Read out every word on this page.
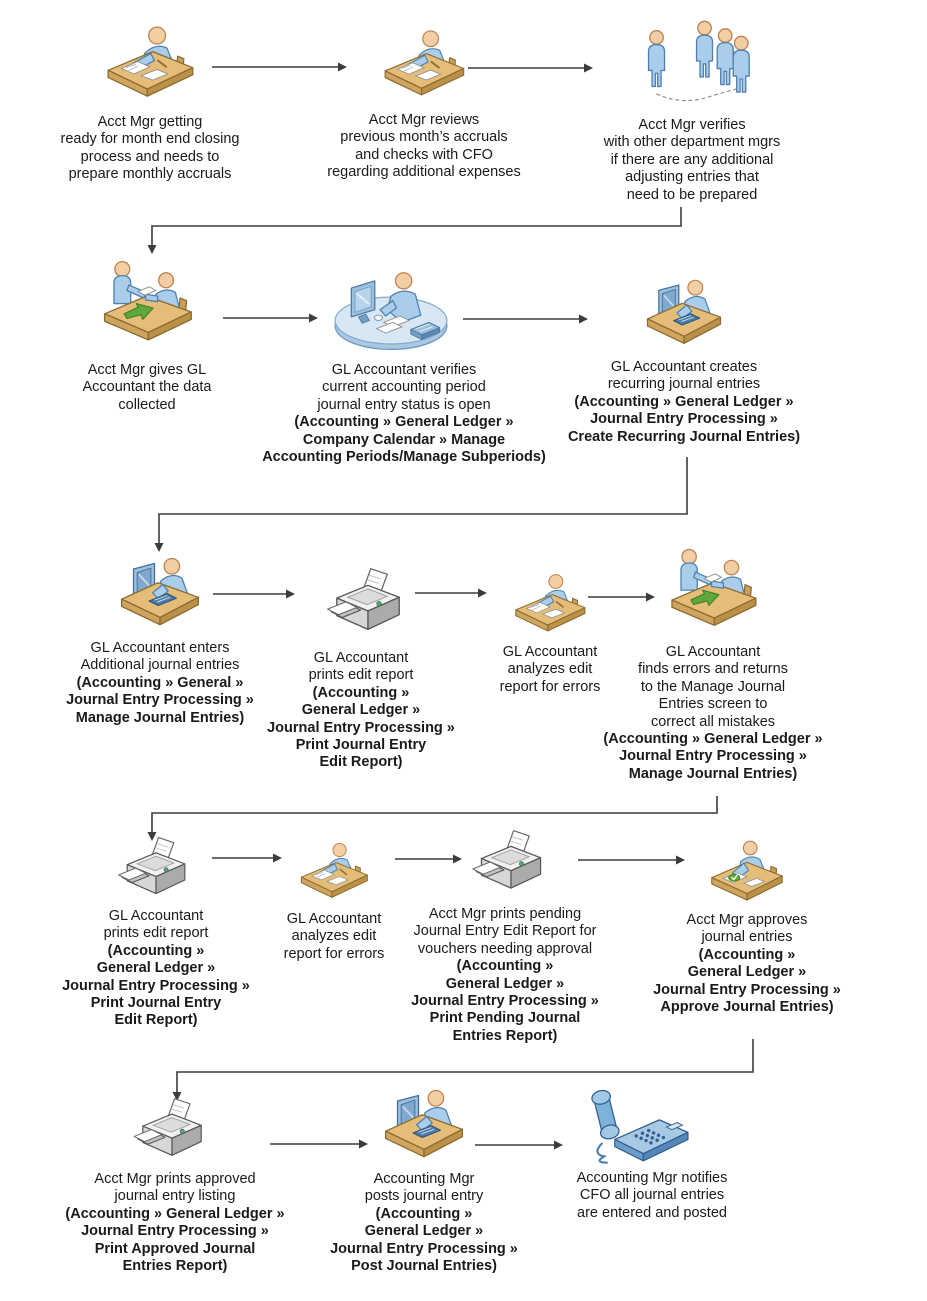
Acct Mgr getting
ready for month end closing
process and needs to
prepare monthly accruals
Acct Mgr reviews
previous month’s accruals
and checks with CFO
regarding additional expenses
Acct Mgr verifies
with other department mgrs
if there are any additional
adjusting entries that
need to be prepared
Acct Mgr gives GL
Accountant the data
collected
GL Accountant verifies
current accounting period
journal entry status is open
(Accounting » General Ledger »
Company Calendar » Manage
Accounting Periods/Manage Subperiods)
GL Accountant creates
recurring journal entries
(Accounting » General Ledger »
Journal Entry Processing »
Create Recurring Journal Entries)
GL Accountant enters
Additional journal entries
(Accounting » General »
Journal Entry Processing »
Manage Journal Entries)
GL Accountant
prints edit report
(Accounting »
General Ledger »
Journal Entry Processing »
Print Journal Entry
Edit Report)
GL Accountant
analyzes edit
report for errors
GL Accountant
finds errors and returns
to the Manage Journal
Entries screen to
correct all mistakes
(Accounting » General Ledger »
Journal Entry Processing »
Manage Journal Entries)
GL Accountant
prints edit report
(Accounting »
General Ledger »
Journal Entry Processing »
Print Journal Entry
Edit Report)
GL Accountant
analyzes edit
report for errors
Acct Mgr prints pending
Journal Entry Edit Report for
vouchers needing approval
(Accounting »
General Ledger »
Journal Entry Processing »
Print Pending Journal
Entries Report)
Acct Mgr approves
journal entries
(Accounting »
General Ledger »
Journal Entry Processing »
Approve Journal Entries)
Acct Mgr prints approved
journal entry listing
(Accounting » General Ledger »
Journal Entry Processing »
Print Approved Journal
Entries Report)
Accounting Mgr
posts journal entry
(Accounting »
General Ledger »
Journal Entry Processing »
Post Journal Entries)
Accounting Mgr notifies
CFO all journal entries
are entered and posted
